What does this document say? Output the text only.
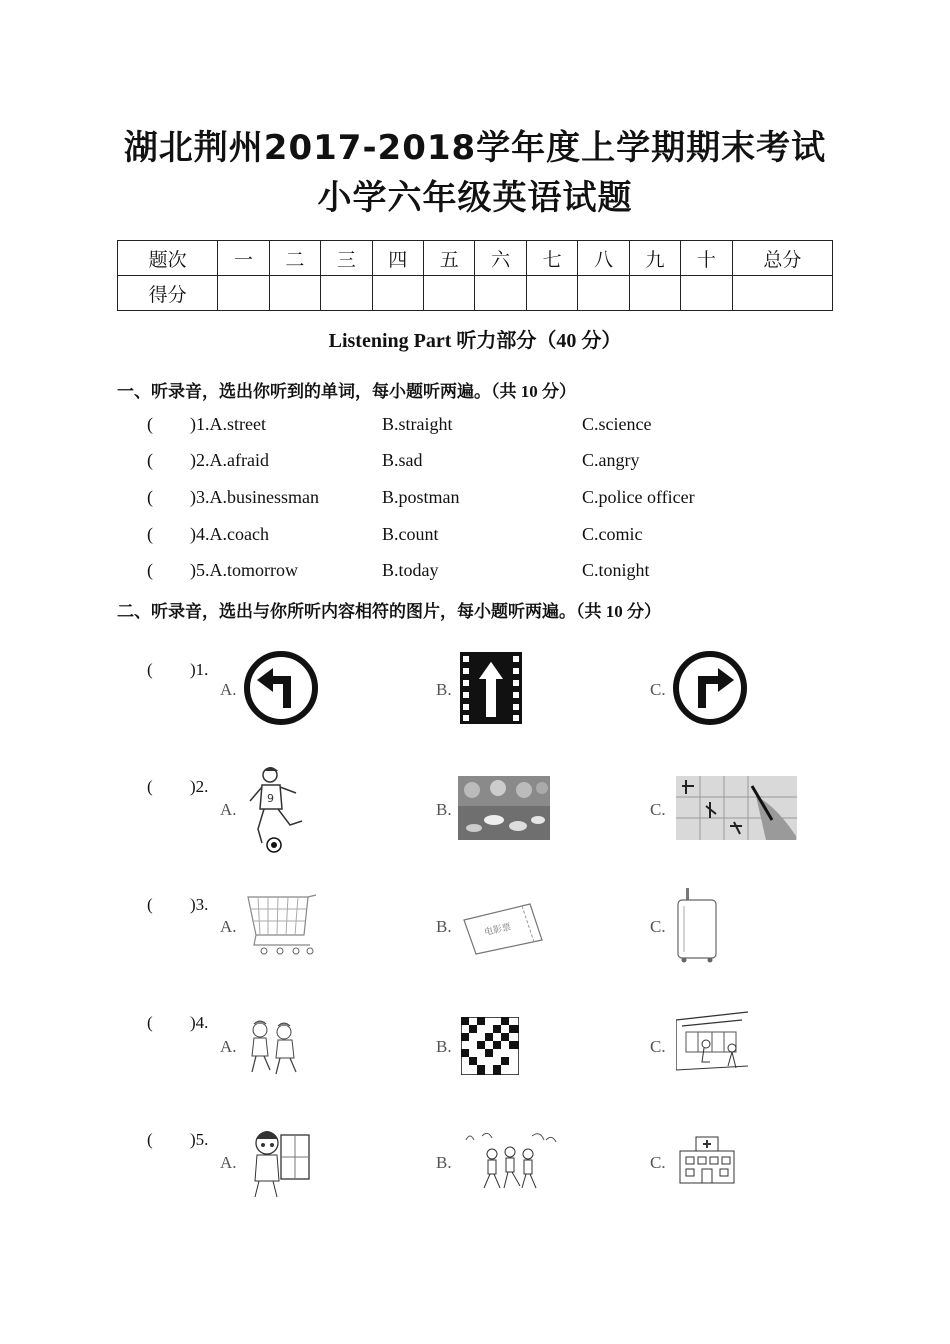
湖北荆州2017-2018学年度上学期期末考试
小学六年级英语试题
题次	一	二	三	四	五	六	七	八	九	十	总分
得分											
Listening Part 听力部分（40 分）
一、听录音，选出你听到的单词，每小题听两遍。（共 10 分）
( )1.A.street	B.straight	C.science
( )2.A.afraid	B.sad	C.angry
( )3.A.businessman	B.postman	C.police officer
( )4.A.coach	B.count	C.comic
( )5.A.tomorrow	B.today	C.tonight
二、听录音，选出与你所听内容相符的图片，每小题听两遍。（共 10 分）
( )1.
A.	B.	C.
( )2.
A.	B.	C.
9
( )3.
A.	B.	C.
电影票
( )4.
A.	B.	C.
( )5.
A.	B.	C.
